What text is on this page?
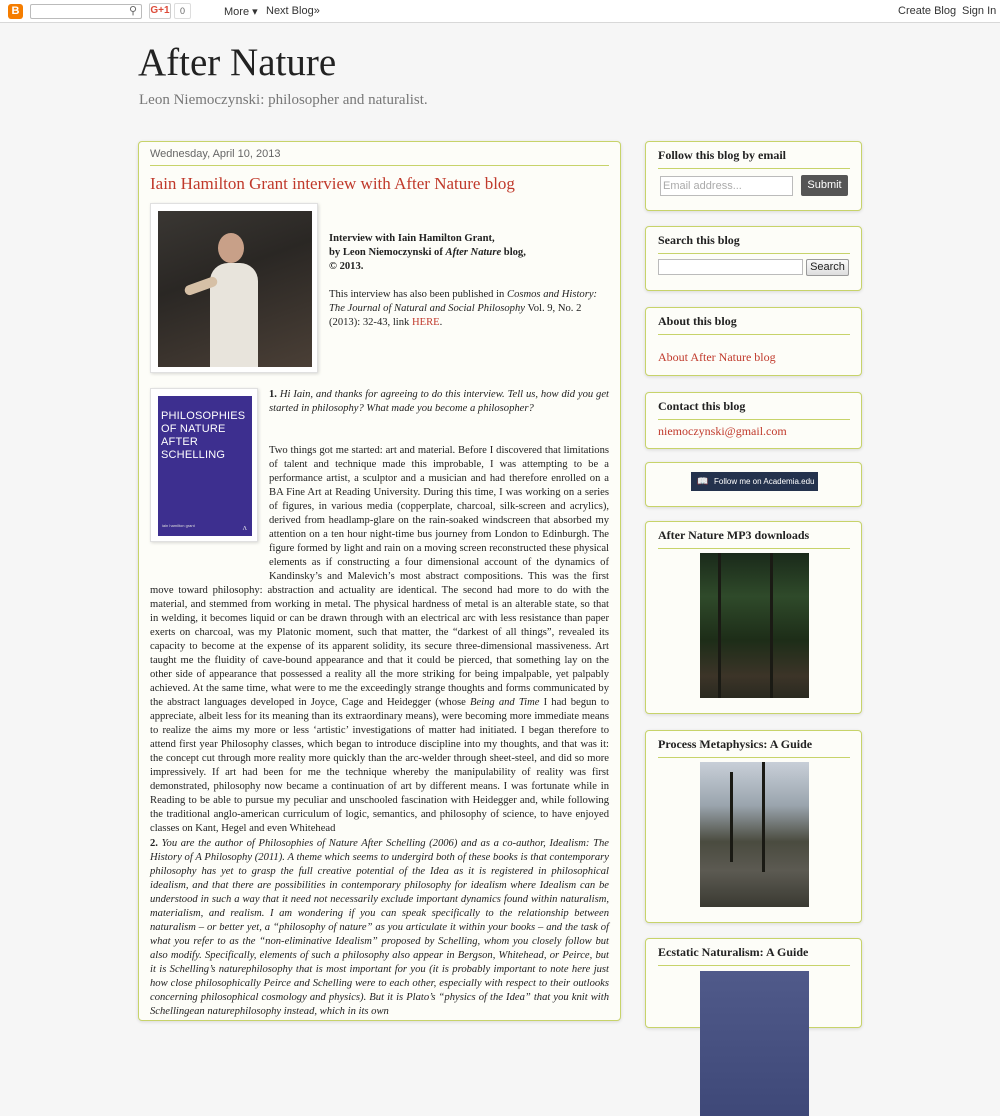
B	⚲ G+1	0	More ▾ Next Blog»	Create Blog Sign In
After Nature
Leon Niemoczynski: philosopher and naturalist.
Wednesday, April 10, 2013
Iain Hamilton Grant interview with After Nature blog

Interview with Iain Hamilton Grant,
by Leon Niemoczynski of After Nature blog,
© 2013.

This interview has also been published in Cosmos and History: The Journal of Natural and Social Philosophy Vol. 9, No. 2 (2013): 32-43, link HERE.

PHILOSOPHIES OF NATURE AFTER SCHELLING
iain hamilton grant
Λ
1. Hi Iain, and thanks for agreeing to do this interview. Tell us, how did you get started in philosophy? What made you become a philosopher?
Two things got me started: art and material. Before I discovered that limitations of talent and technique made this improbable, I was attempting to be a performance artist, a sculptor and a musician and had therefore enrolled on a BA Fine Art at Reading University. During this time, I was working on a series of figures, in various media (copperplate, charcoal, silk-screen and acrylics), derived from headlamp-glare on the rain-soaked windscreen that absorbed my attention on a ten hour night-time bus journey from London to Edinburgh. The figure formed by light and rain on a moving screen reconstructed these physical elements as if constructing a four dimensional account of the dynamics of Kandinsky’s and Malevich’s most abstract compositions. This was the first move toward philosophy: abstraction and actuality are identical. The second had more to do with the material, and stemmed from working in metal. The physical hardness of metal is an alterable state, so that in welding, it becomes liquid or can be drawn through with an electrical arc with less resistance than paper exerts on charcoal, was my Platonic moment, such that matter, the “darkest of all things”, revealed its capacity to become at the expense of its apparent solidity, its secure three-dimensional massiveness. Art taught me the fluidity of cave-bound appearance and that it could be pierced, that something lay on the other side of appearance that possessed a reality all the more striking for being impalpable, yet palpably achieved. At the same time, what were to me the exceedingly strange thoughts and forms communicated by the abstract languages developed in Joyce, Cage and Heidegger (whose Being and Time I had begun to appreciate, albeit less for its meaning than its extraordinary means), were becoming more immediate means to realize the aims my more or less ‘artistic’ investigations of matter had initiated. I began therefore to attend first year Philosophy classes, which began to introduce discipline into my thoughts, and that was it: the concept cut through more reality more quickly than the arc-welder through sheet-steel, and did so more impressively. If art had been for me the technique whereby the manipulability of reality was first demonstrated, philosophy now became a continuation of art by different means. I was fortunate while in Reading to be able to pursue my peculiar and unschooled fascination with Heidegger and, while following the traditional anglo-american curriculum of logic, semantics, and philosophy of science, to have enjoyed classes on Kant, Hegel and even Whitehead
2. You are the author of Philosophies of Nature After Schelling (2006) and as a co-author, Idealism: The History of A Philosophy (2011). A theme which seems to undergird both of these books is that contemporary philosophy has yet to grasp the full creative potential of the Idea as it is registered in philosophical idealism, and that there are possibilities in contemporary philosophy for idealism where Idealism can be understood in such a way that it need not necessarily exclude important dynamics found within naturalism, materialism, and realism. I am wondering if you can speak specifically to the relationship between naturalism – or better yet, a “philosophy of nature” as you articulate it within your books – and the task of what you refer to as the “non-eliminative Idealism” proposed by Schelling, whom you closely follow but also modify. Specifically, elements of such a philosophy also appear in Bergson, Whitehead, or Peirce, but it is Schelling’s naturephilosophy that is most important for you (it is probably important to note here just how close philosophically Peirce and Schelling were to each other, especially with respect to their outlooks concerning philosophical cosmology and physics). But it is Plato’s “physics of the Idea” that you knit with Schellingean naturephilosophy instead, which in its own
Follow this blog by email
Email address...	Submit
Search this blog
Search
About this blog
About After Nature blog
Contact this blog
niemoczynski@gmail.com
📖 Follow me on Academia.edu
After Nature MP3 downloads
Process Metaphysics: A Guide
Ecstatic Naturalism: A Guide
